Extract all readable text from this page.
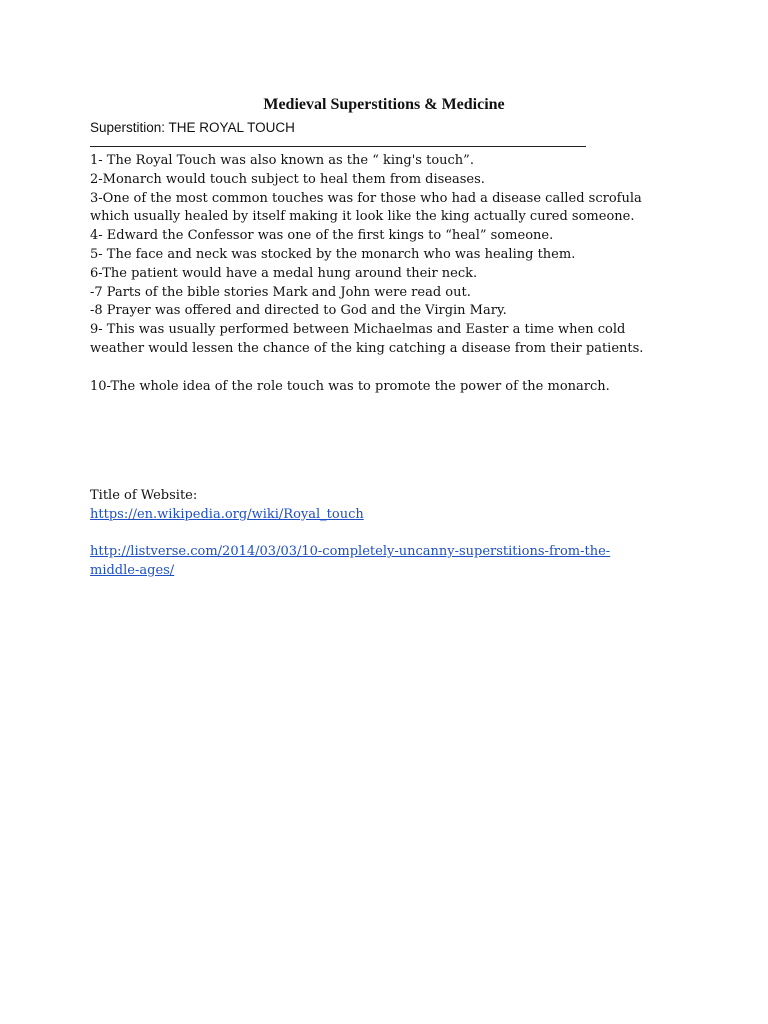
Medieval Superstitions & Medicine
Superstition: THE ROYAL TOUCH
1- The Royal Touch was also known as the “ king's touch”.
2-Monarch would touch subject to heal them from diseases.
3-One of the most common touches was for those who had a disease called scrofula
which usually healed by itself making it look like the king actually cured someone.
4- Edward the Confessor was one of the first kings to “heal” someone.
5- The face and neck was stocked by the monarch who was healing them.
6-The patient would have a medal hung around their neck.
-7 Parts of the bible stories Mark and John were read out.
-8 Prayer was offered and directed to God and the Virgin Mary.
9- This was usually performed between Michaelmas and Easter a time when cold
weather would lessen the chance of the king catching a disease from their patients.
10-The whole idea of the role touch was to promote the power of the monarch.
Title of Website:
https://en.wikipedia.org/wiki/Royal_touch
http://listverse.com/2014/03/03/10-completely-uncanny-superstitions-from-the-
middle-ages/
